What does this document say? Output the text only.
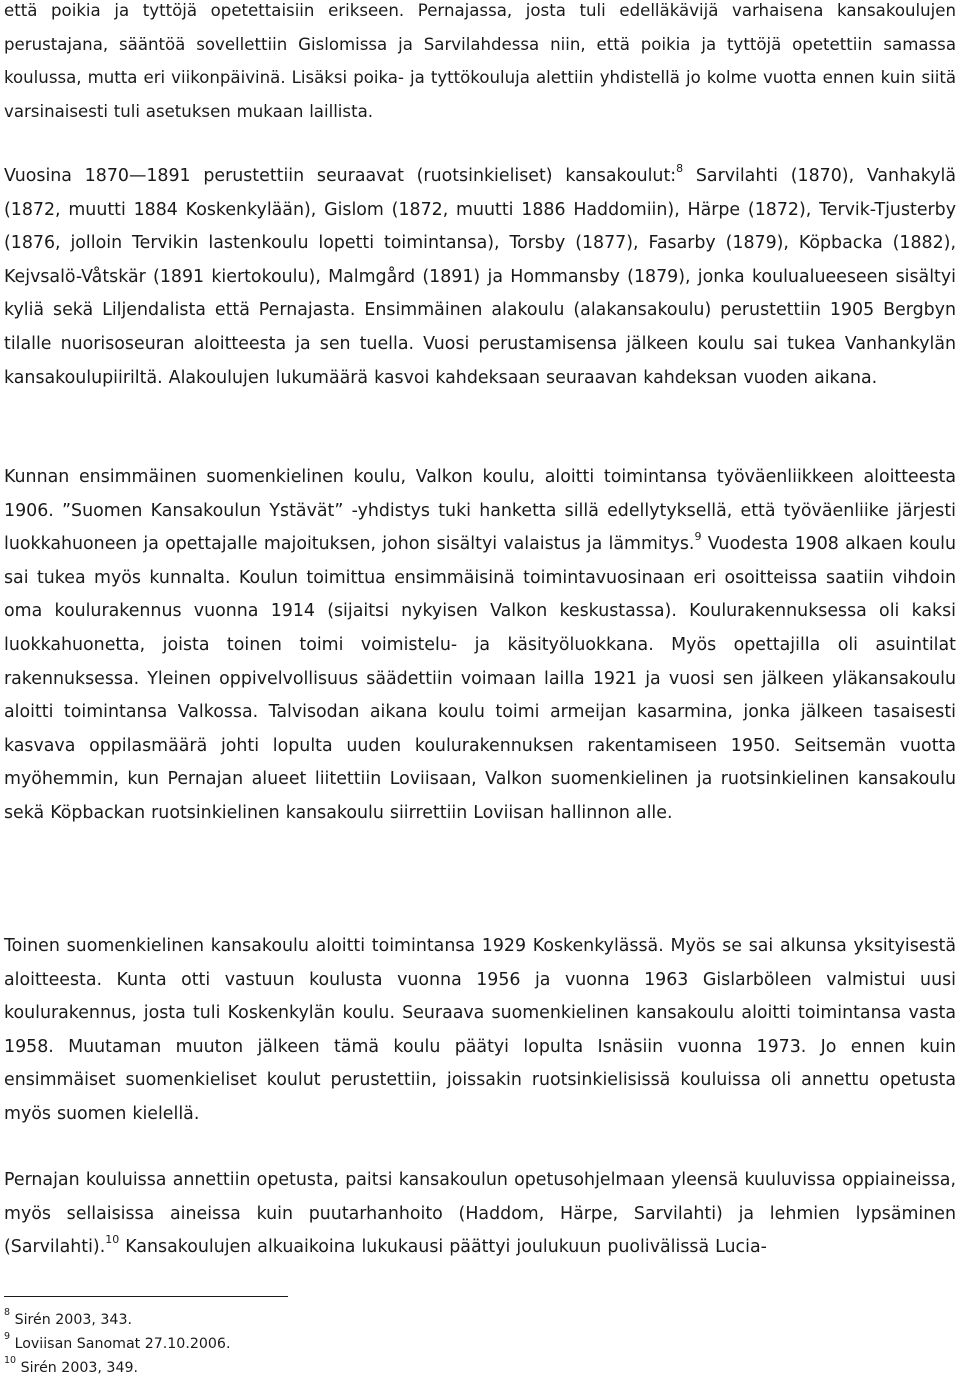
että poikia ja tyttöjä opetettaisiin erikseen. Pernajassa, josta tuli edelläkävijä varhaisena kansakoulujen perustajana, sääntöä sovellettiin Gislomissa ja Sarvilahdessa niin, että poikia ja tyttöjä opetettiin samassa koulussa, mutta eri viikonpäivinä. Lisäksi poika- ja tyttökouluja alettiin yhdistellä jo kolme vuotta ennen kuin siitä varsinaisesti tuli asetuksen mukaan laillista.

Vuosina 1870—1891 perustettiin seuraavat (ruotsinkieliset) kansakoulut:$^8$ Sarvilahti (1870), Vanhakylä (1872, muutti 1884 Koskenkylään), Gislom (1872, muutti 1886 Haddomiin), Härpe (1872), Tervik-Tjusterby (1876, jolloin Tervikin lastenkoulu lopetti toimintansa), Torsby (1877), Fasarby (1879), Köpbacka (1882), Kejvsalö-Våtskär (1891 kiertokoulu), Malmgård (1891) ja Hommansby (1879), jonka koulualueeseen sisältyi kyliä sekä Liljendalista että Pernajasta. Ensimmäinen alakoulu (alakansakoulu) perustettiin 1905 Bergbyn tilalle nuorisoseuran aloitteesta ja sen tuella. Vuosi perustamisensa jälkeen koulu sai tukea Vanhankylän kansakoulupiiriltä. Alakoulujen lukumäärä kasvoi kahdeksaan seuraavan kahdeksan vuoden aikana.

Kunnan ensimmäinen suomenkielinen koulu, Valkon koulu, aloitti toimintansa työväenliikkeen aloitteesta 1906. ”Suomen Kansakoulun Ystävät” -yhdistys tuki hanketta sillä edellytyksellä, että työväenliike järjesti luokkahuoneen ja opettajalle majoituksen, johon sisältyi valaistus ja lämmitys.$^9$ Vuodesta 1908 alkaen koulu sai tukea myös kunnalta. Koulun toimittua ensimmäisinä toimintavuosinaan eri osoitteissa saatiin vihdoin oma koulurakennus vuonna 1914 (sijaitsi nykyisen Valkon keskustassa). Koulurakennuksessa oli kaksi luokkahuonetta, joista toinen toimi voimistelu- ja käsityöluokkana. Myös opettajilla oli asuintilat rakennuksessa. Yleinen oppivelvollisuus säädettiin voimaan lailla 1921 ja vuosi sen jälkeen yläkansakoulu aloitti toimintansa Valkossa. Talvisodan aikana koulu toimi armeijan kasarmina, jonka jälkeen tasaisesti kasvava oppilasmäärä johti lopulta uuden koulurakennuksen rakentamiseen 1950. Seitsemän vuotta myöhemmin, kun Pernajan alueet liitettiin Loviisaan, Valkon suomenkielinen ja ruotsinkielinen kansakoulu sekä Köpbackan ruotsinkielinen kansakoulu siirrettiin Loviisan hallinnon alle.

Toinen suomenkielinen kansakoulu aloitti toimintansa 1929 Koskenkylässä. Myös se sai alkunsa yksityisestä aloitteesta. Kunta otti vastuun koulusta vuonna 1956 ja vuonna 1963 Gislarböleen valmistui uusi koulurakennus, josta tuli Koskenkylän koulu. Seuraava suomenkielinen kansakoulu aloitti toimintansa vasta 1958. Muutaman muuton jälkeen tämä koulu päätyi lopulta Isnäsiin vuonna 1973. Jo ennen kuin ensimmäiset suomenkieliset koulut perustettiin, joissakin ruotsinkielisissä kouluissa oli annettu opetusta myös suomen kielellä.

Pernajan kouluissa annettiin opetusta, paitsi kansakoulun opetusohjelmaan yleensä kuuluvissa oppiaineissa, myös sellaisissa aineissa kuin puutarhanhoito (Haddom, Härpe, Sarvilahti) ja lehmien lypsäminen (Sarvilahti).$^{10}$ Kansakoulujen alkuaikoina lukukausi päättyi joulukuun puolivälissä Lucia-

$^8$ Sirén 2003, 343.
$^9$ Loviisan Sanomat 27.10.2006.
$^{10}$ Sirén 2003, 349.
